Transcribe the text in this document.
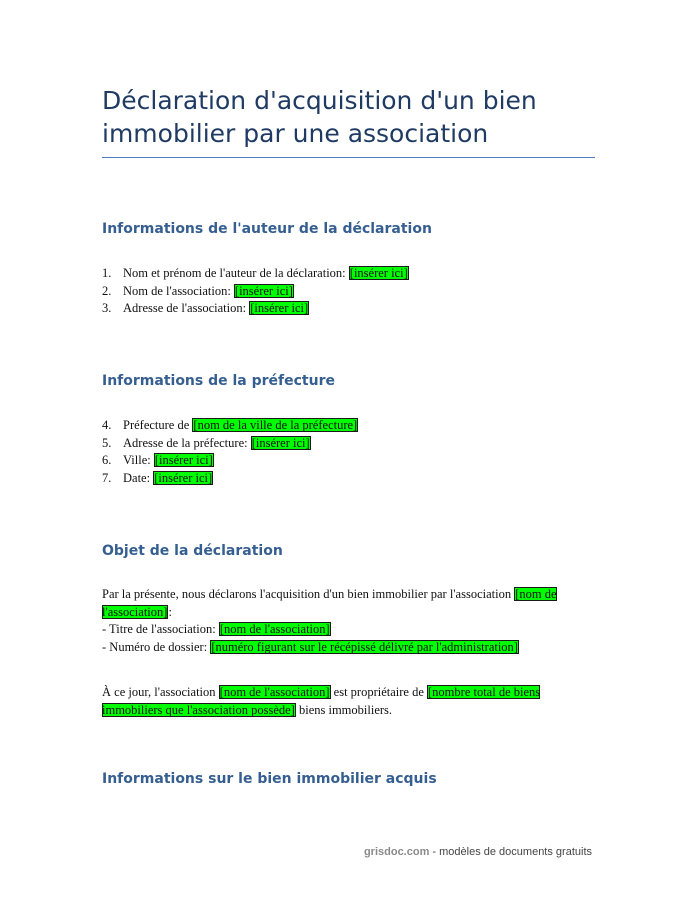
Déclaration d'acquisition d'un bien immobilier par une association
Informations de l'auteur de la déclaration
1. Nom et prénom de l'auteur de la déclaration: [insérer ici]
2. Nom de l'association: [insérer ici]
3. Adresse de l'association: [insérer ici]
Informations de la préfecture
4. Préfecture de [nom de la ville de la préfecture]
5. Adresse de la préfecture: [insérer ici]
6. Ville: [insérer ici]
7. Date: [insérer ici]
Objet de la déclaration

Par la présente, nous déclarons l'acquisition d'un bien immobilier par l'association [nom de l'association]:
- Titre de l'association: [nom de l'association]
- Numéro de dossier: [numéro figurant sur le récépissé délivré par l'administration]

À ce jour, l'association [nom de l'association] est propriétaire de [nombre total de biens immobiliers que l'association possède] biens immobiliers.

Informations sur le bien immobilier acquis
grisdoc.com - modèles de documents gratuits
